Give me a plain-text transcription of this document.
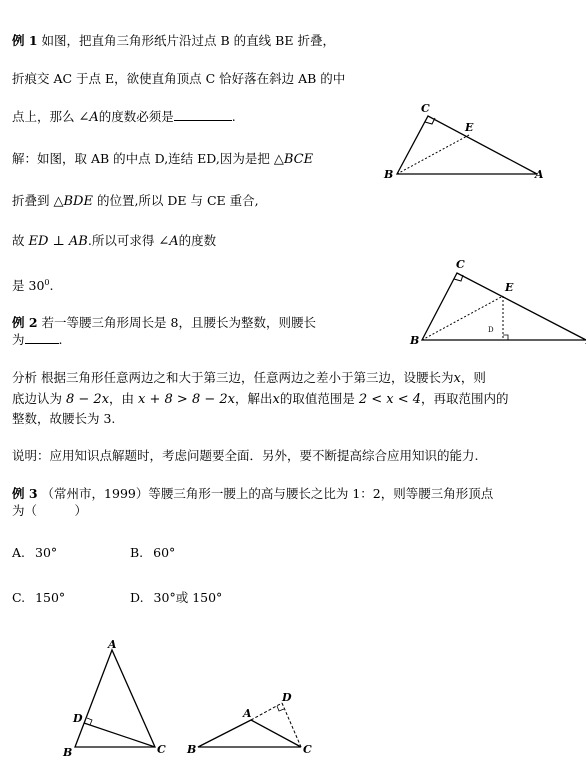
例 1 如图，把直角三角形纸片沿过点 B 的直线 BE 折叠，
折痕交 AC 于点 E，欲使直角顶点 C 恰好落在斜边 AB 的中
点上，那么 ∠A的度数必须是	.
解：如图，取 AB 的中点 D,连结 ED,因为是把 △BCE
折叠到 △BDE 的位置,所以 DE 与 CE 重合,
故 ED ⊥ AB.所以可求得 ∠A的度数
是 $30^0$.
C
E
B	A
C
E
B
D
例 2 若一等腰三角形周长是 8，且腰长为整数，则腰长
为	.
分析 根据三角形任意两边之和大于第三边，任意两边之差小于第三边，设腰长为x，则
底边认为 8 − 2x，由 x + 8 > 8 − 2x，解出x的取值范围是 2 < x < 4，再取范围内的
整数，故腰长为 3.
说明：应用知识点解题时，考虑问题要全面．另外，要不断提高综合应用知识的能力.
例 3 （常州市，1999）等腰三角形一腰上的高与腰长之比为 1：2，则等腰三角形顶点
为（　　　）
A. 30°	B. 60°
C. 150°	D. 30°或 150°
A
D
B	C
A
D
B	C
